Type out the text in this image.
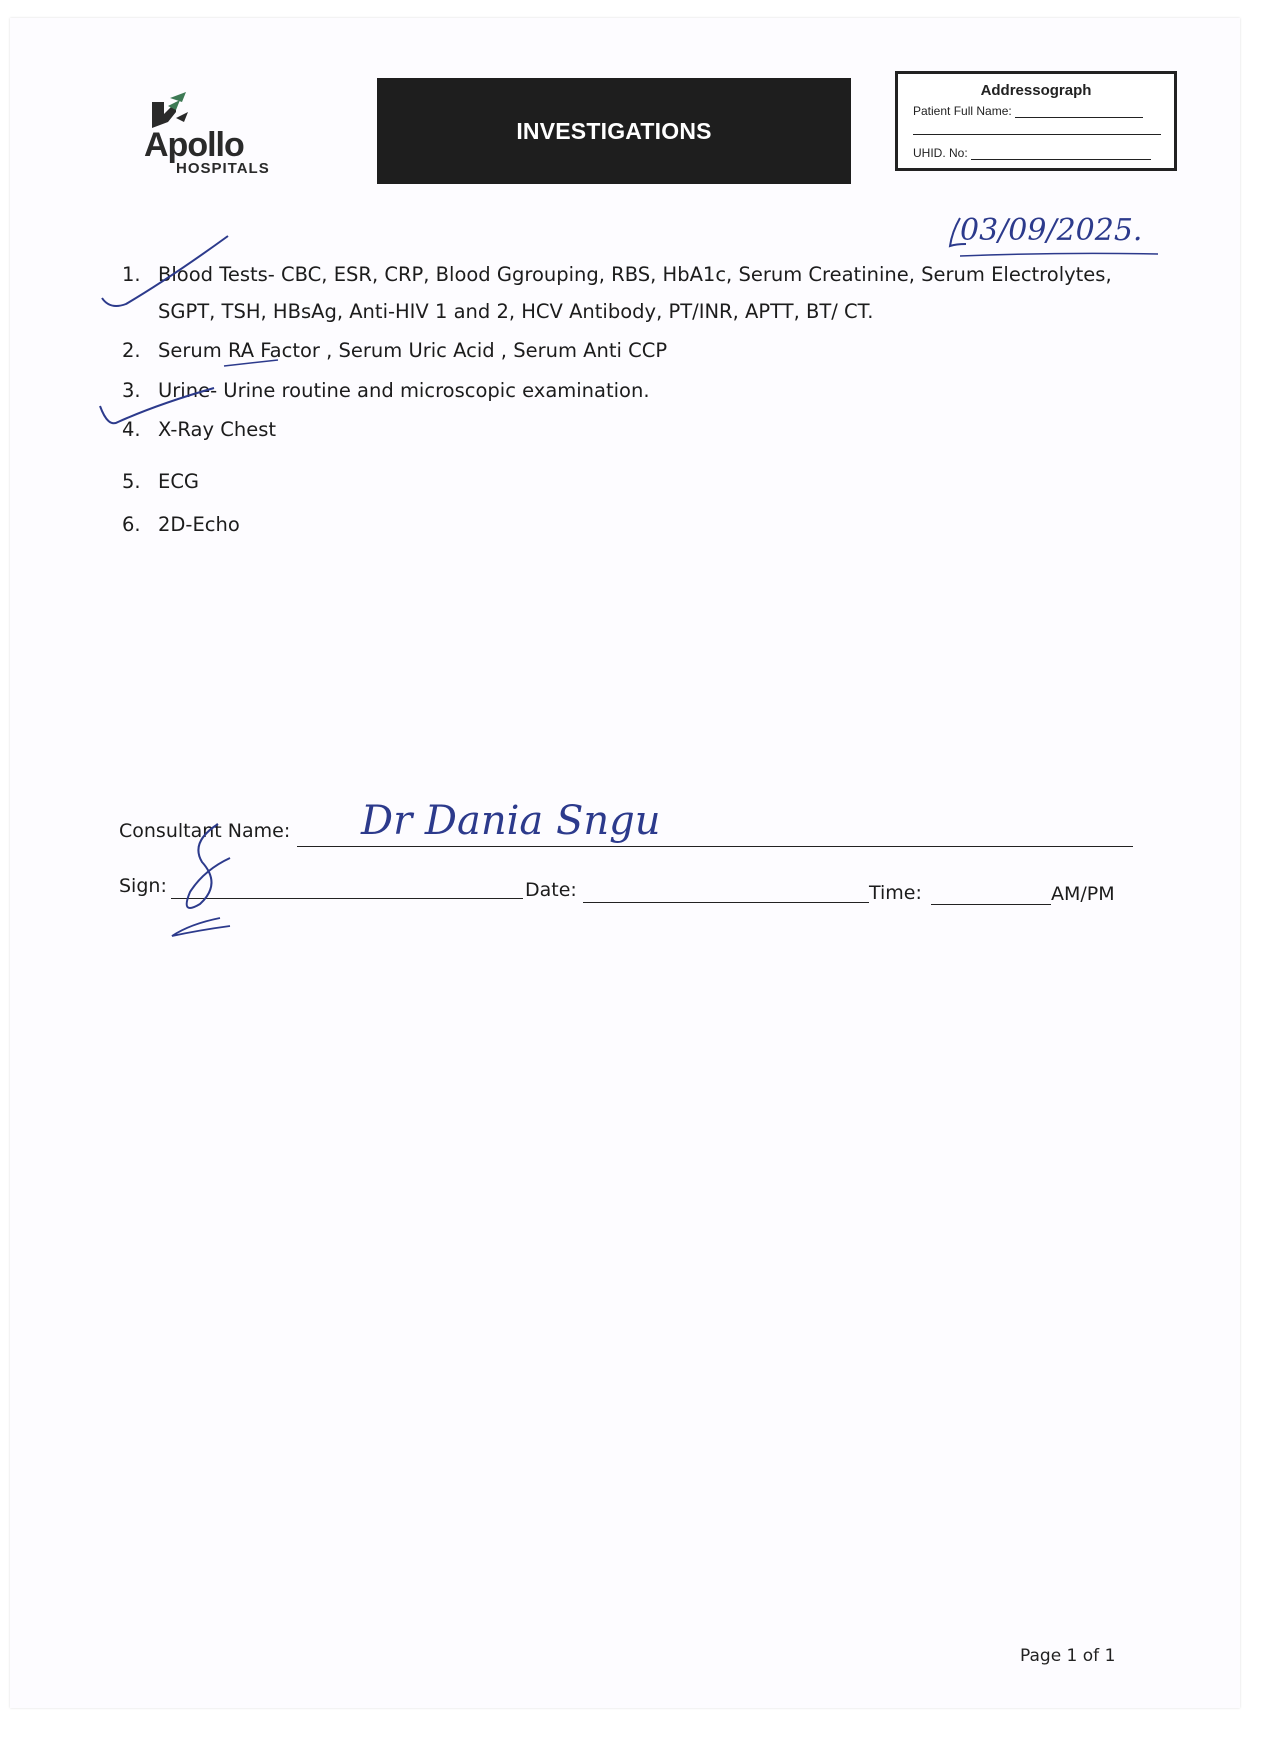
Apollo
HOSPITALS
INVESTIGATIONS
Addressograph
Patient Full Name:
UHID. No:
03/09/2025.
1. Blood Tests- CBC, ESR, CRP, Blood Ggrouping, RBS, HbA1c, Serum Creatinine, Serum Electrolytes,
SGPT, TSH, HBsAg, Anti-HIV 1 and 2, HCV Antibody, PT/INR, APTT, BT/ CT.
2. Serum RA Factor , Serum Uric Acid , Serum Anti CCP
3. Urine- Urine routine and microscopic examination.
4. X-Ray Chest
5. ECG
6. 2D-Echo
Consultant Name: Dr Dania Sngu
Sign:	Date:	Time:	AM/PM
Page 1 of 1
